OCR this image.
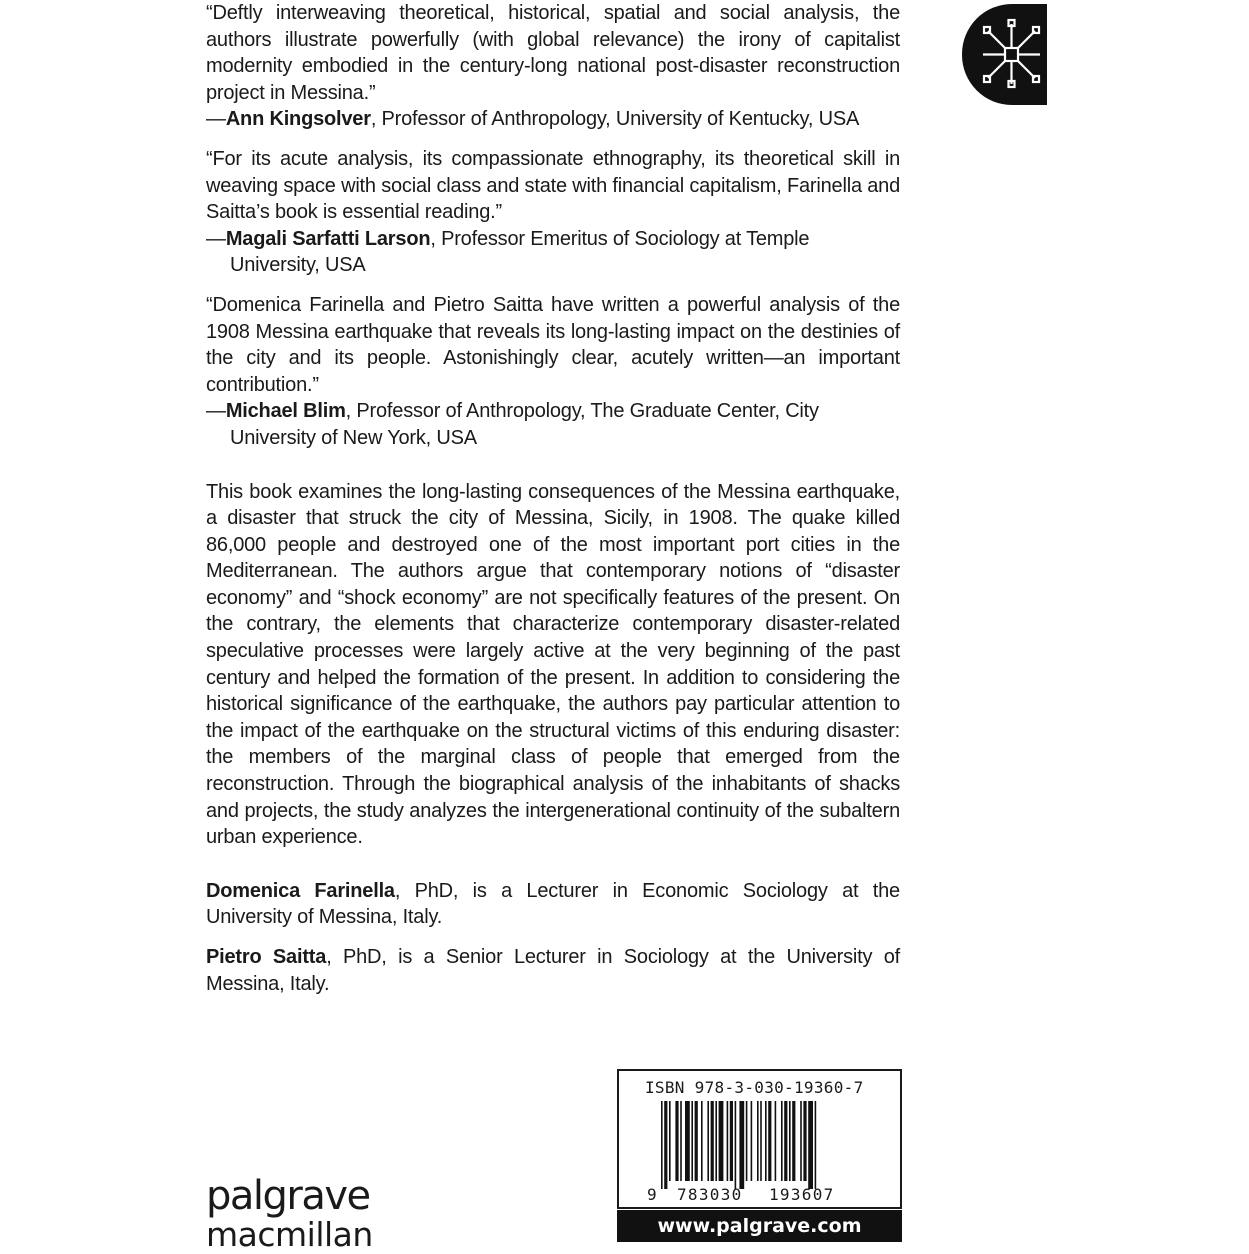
“Deftly interweaving theoretical, historical, spatial and social analysis, the authors illustrate powerfully (with global relevance) the irony of capitalist modernity embodied in the century-long national post-disaster reconstruction project in Messina.”

—Ann Kingsolver, Professor of Anthropology, University of Kentucky, USA

“For its acute analysis, its compassionate ethnography, its theoretical skill in weaving space with social class and state with financial capitalism, Farinella and Saitta’s book is essential reading.”

—Magali Sarfatti Larson, Professor Emeritus of Sociology at Temple University, USA

“Domenica Farinella and Pietro Saitta have written a powerful analysis of the 1908 Messina earthquake that reveals its long-lasting impact on the destinies of the city and its people. Astonishingly clear, acutely written—an important contribution.”

—Michael Blim, Professor of Anthropology, The Graduate Center, City University of New York, USA

This book examines the long-lasting consequences of the Messina earthquake, a disaster that struck the city of Messina, Sicily, in 1908. The quake killed 86,000 people and destroyed one of the most important port cities in the Mediterranean. The authors argue that contemporary notions of “disaster economy” and “shock economy” are not specifically features of the present. On the contrary, the elements that characterize contemporary disaster-related speculative processes were largely active at the very beginning of the past century and helped the formation of the present. In addition to considering the historical significance of the earthquake, the authors pay particular attention to the impact of the earthquake on the structural victims of this enduring disaster: the members of the marginal class of people that emerged from the reconstruction. Through the biographical analysis of the inhabitants of shacks and projects, the study analyzes the intergenerational continuity of the subaltern urban experience.

Domenica Farinella, PhD, is a Lecturer in Economic Sociology at the University of Messina, Italy.

Pietro Saitta, PhD, is a Senior Lecturer in Sociology at the University of Messina, Italy.

palgrave
macmillan
ISBN 978-3-030-19360-7
9 783030 193607
www.palgrave.com
